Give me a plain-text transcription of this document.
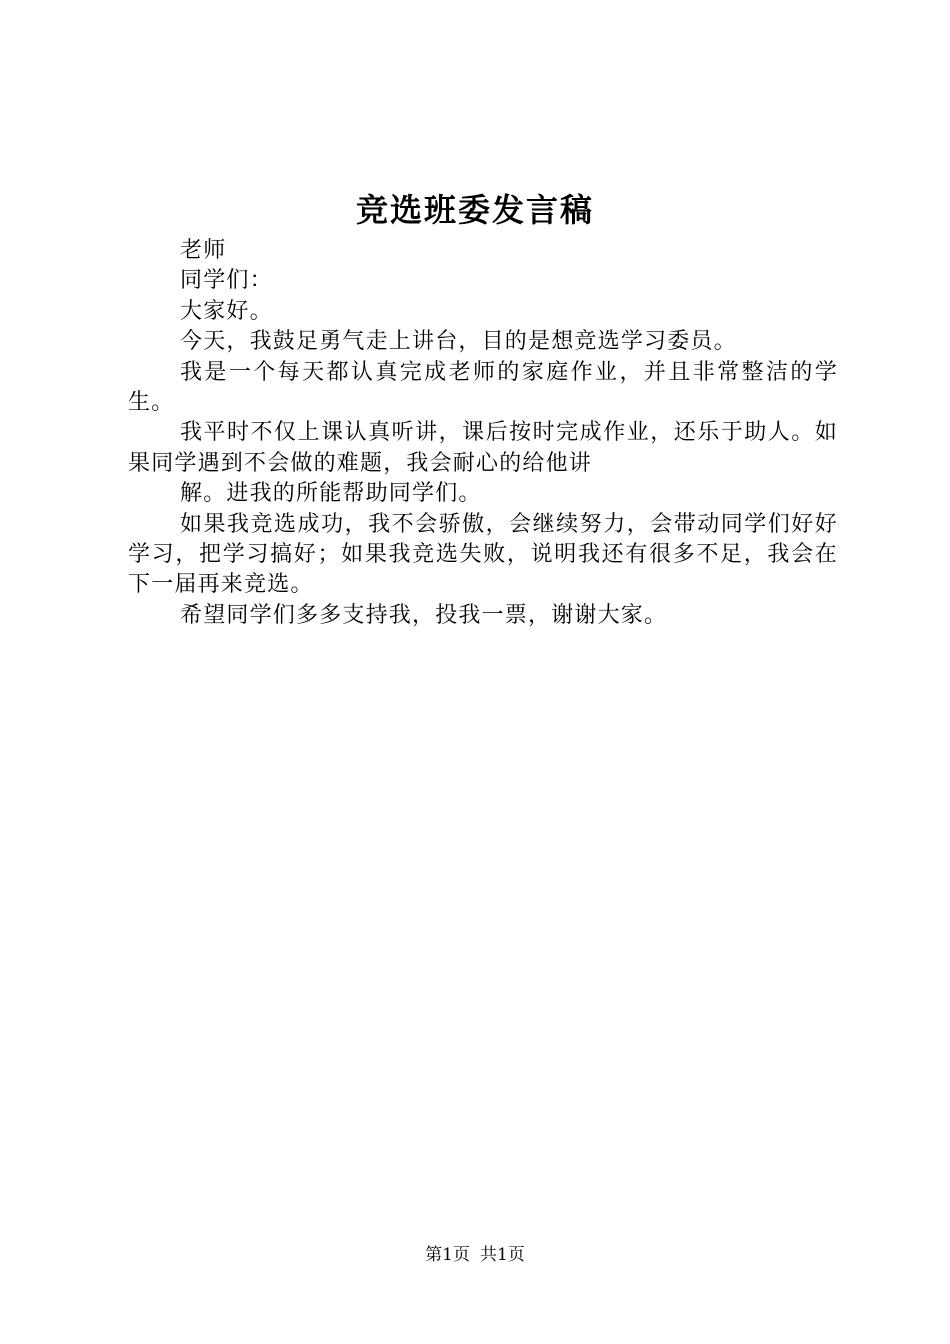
竞选班委发言稿

老师

同学们：

大家好。

今天，我鼓足勇气走上讲台，目的是想竞选学习委员。

我是一个每天都认真完成老师的家庭作业，并且非常整洁的学生。

我平时不仅上课认真听讲，课后按时完成作业，还乐于助人。如果同学遇到不会做的难题，我会耐心的给他讲

解。进我的所能帮助同学们。

如果我竞选成功，我不会骄傲，会继续努力，会带动同学们好好学习，把学习搞好；如果我竞选失败，说明我还有很多不足，我会在下一届再来竞选。

希望同学们多多支持我，投我一票，谢谢大家。

第1页 共1页
